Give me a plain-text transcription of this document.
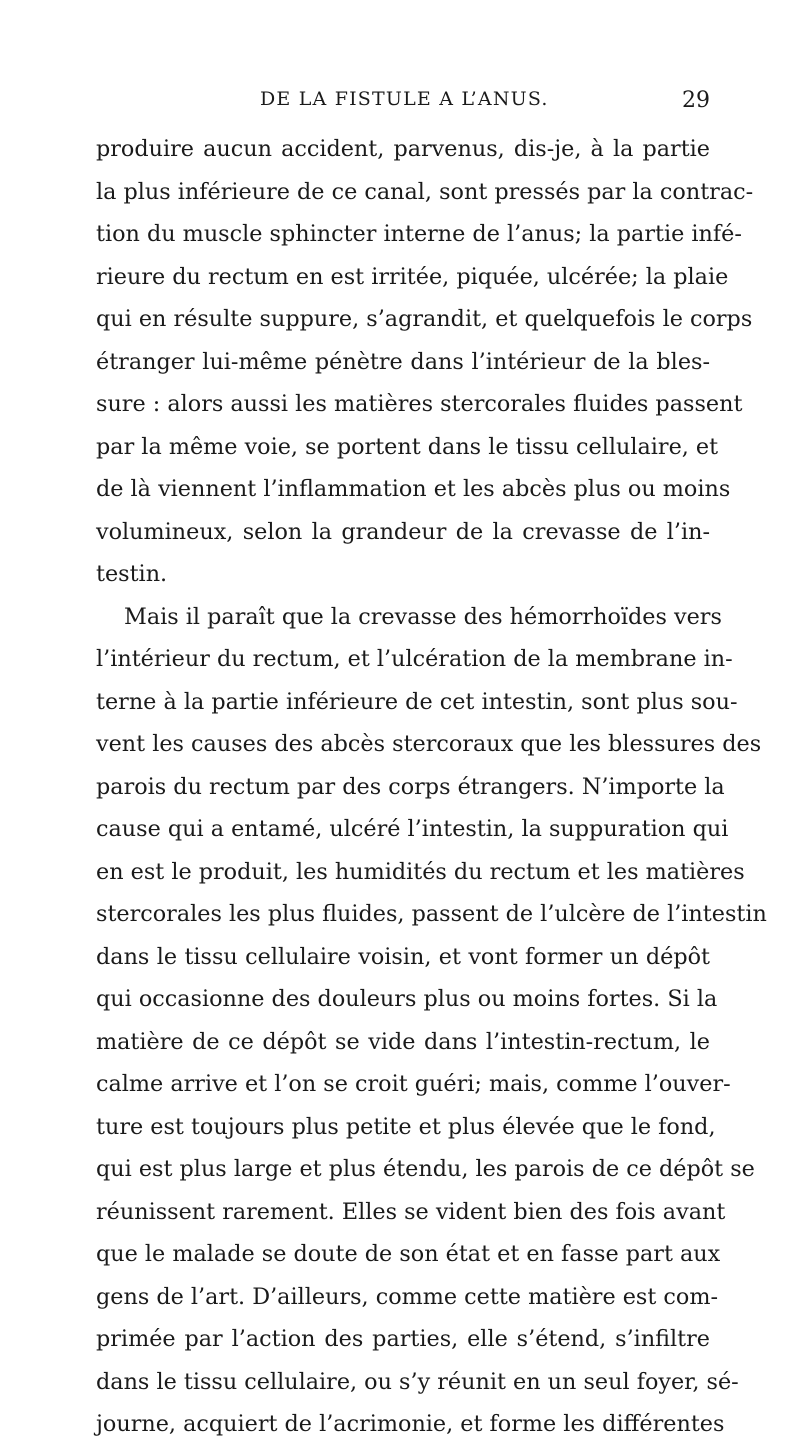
DE LA FISTULE A L’ANUS.	29
produire aucun accident, parvenus, dis-je, à la partie
la plus inférieure de ce canal, sont pressés par la contrac-
tion du muscle sphincter interne de l’anus; la partie infé-
rieure du rectum en est irritée, piquée, ulcérée; la plaie
qui en résulte suppure, s’agrandit, et quelquefois le corps
étranger lui-même pénètre dans l’intérieur de la bles-
sure : alors aussi les matières stercorales fluides passent
par la même voie, se portent dans le tissu cellulaire, et
de là viennent l’inflammation et les abcès plus ou moins
volumineux, selon la grandeur de la crevasse de l’in-
testin.
Mais il paraît que la crevasse des hémorrhoïdes vers
l’intérieur du rectum, et l’ulcération de la membrane in-
terne à la partie inférieure de cet intestin, sont plus sou-
vent les causes des abcès stercoraux que les blessures des
parois du rectum par des corps étrangers. N’importe la
cause qui a entamé, ulcéré l’intestin, la suppuration qui
en est le produit, les humidités du rectum et les matières
stercorales les plus fluides, passent de l’ulcère de l’intestin
dans le tissu cellulaire voisin, et vont former un dépôt
qui occasionne des douleurs plus ou moins fortes. Si la
matière de ce dépôt se vide dans l’intestin-rectum, le
calme arrive et l’on se croit guéri; mais, comme l’ouver-
ture est toujours plus petite et plus élevée que le fond,
qui est plus large et plus étendu, les parois de ce dépôt se
réunissent rarement. Elles se vident bien des fois avant
que le malade se doute de son état et en fasse part aux
gens de l’art. D’ailleurs, comme cette matière est com-
primée par l’action des parties, elle s’étend, s’infiltre
dans le tissu cellulaire, ou s’y réunit en un seul foyer, sé-
journe, acquiert de l’acrimonie, et forme les différentes
